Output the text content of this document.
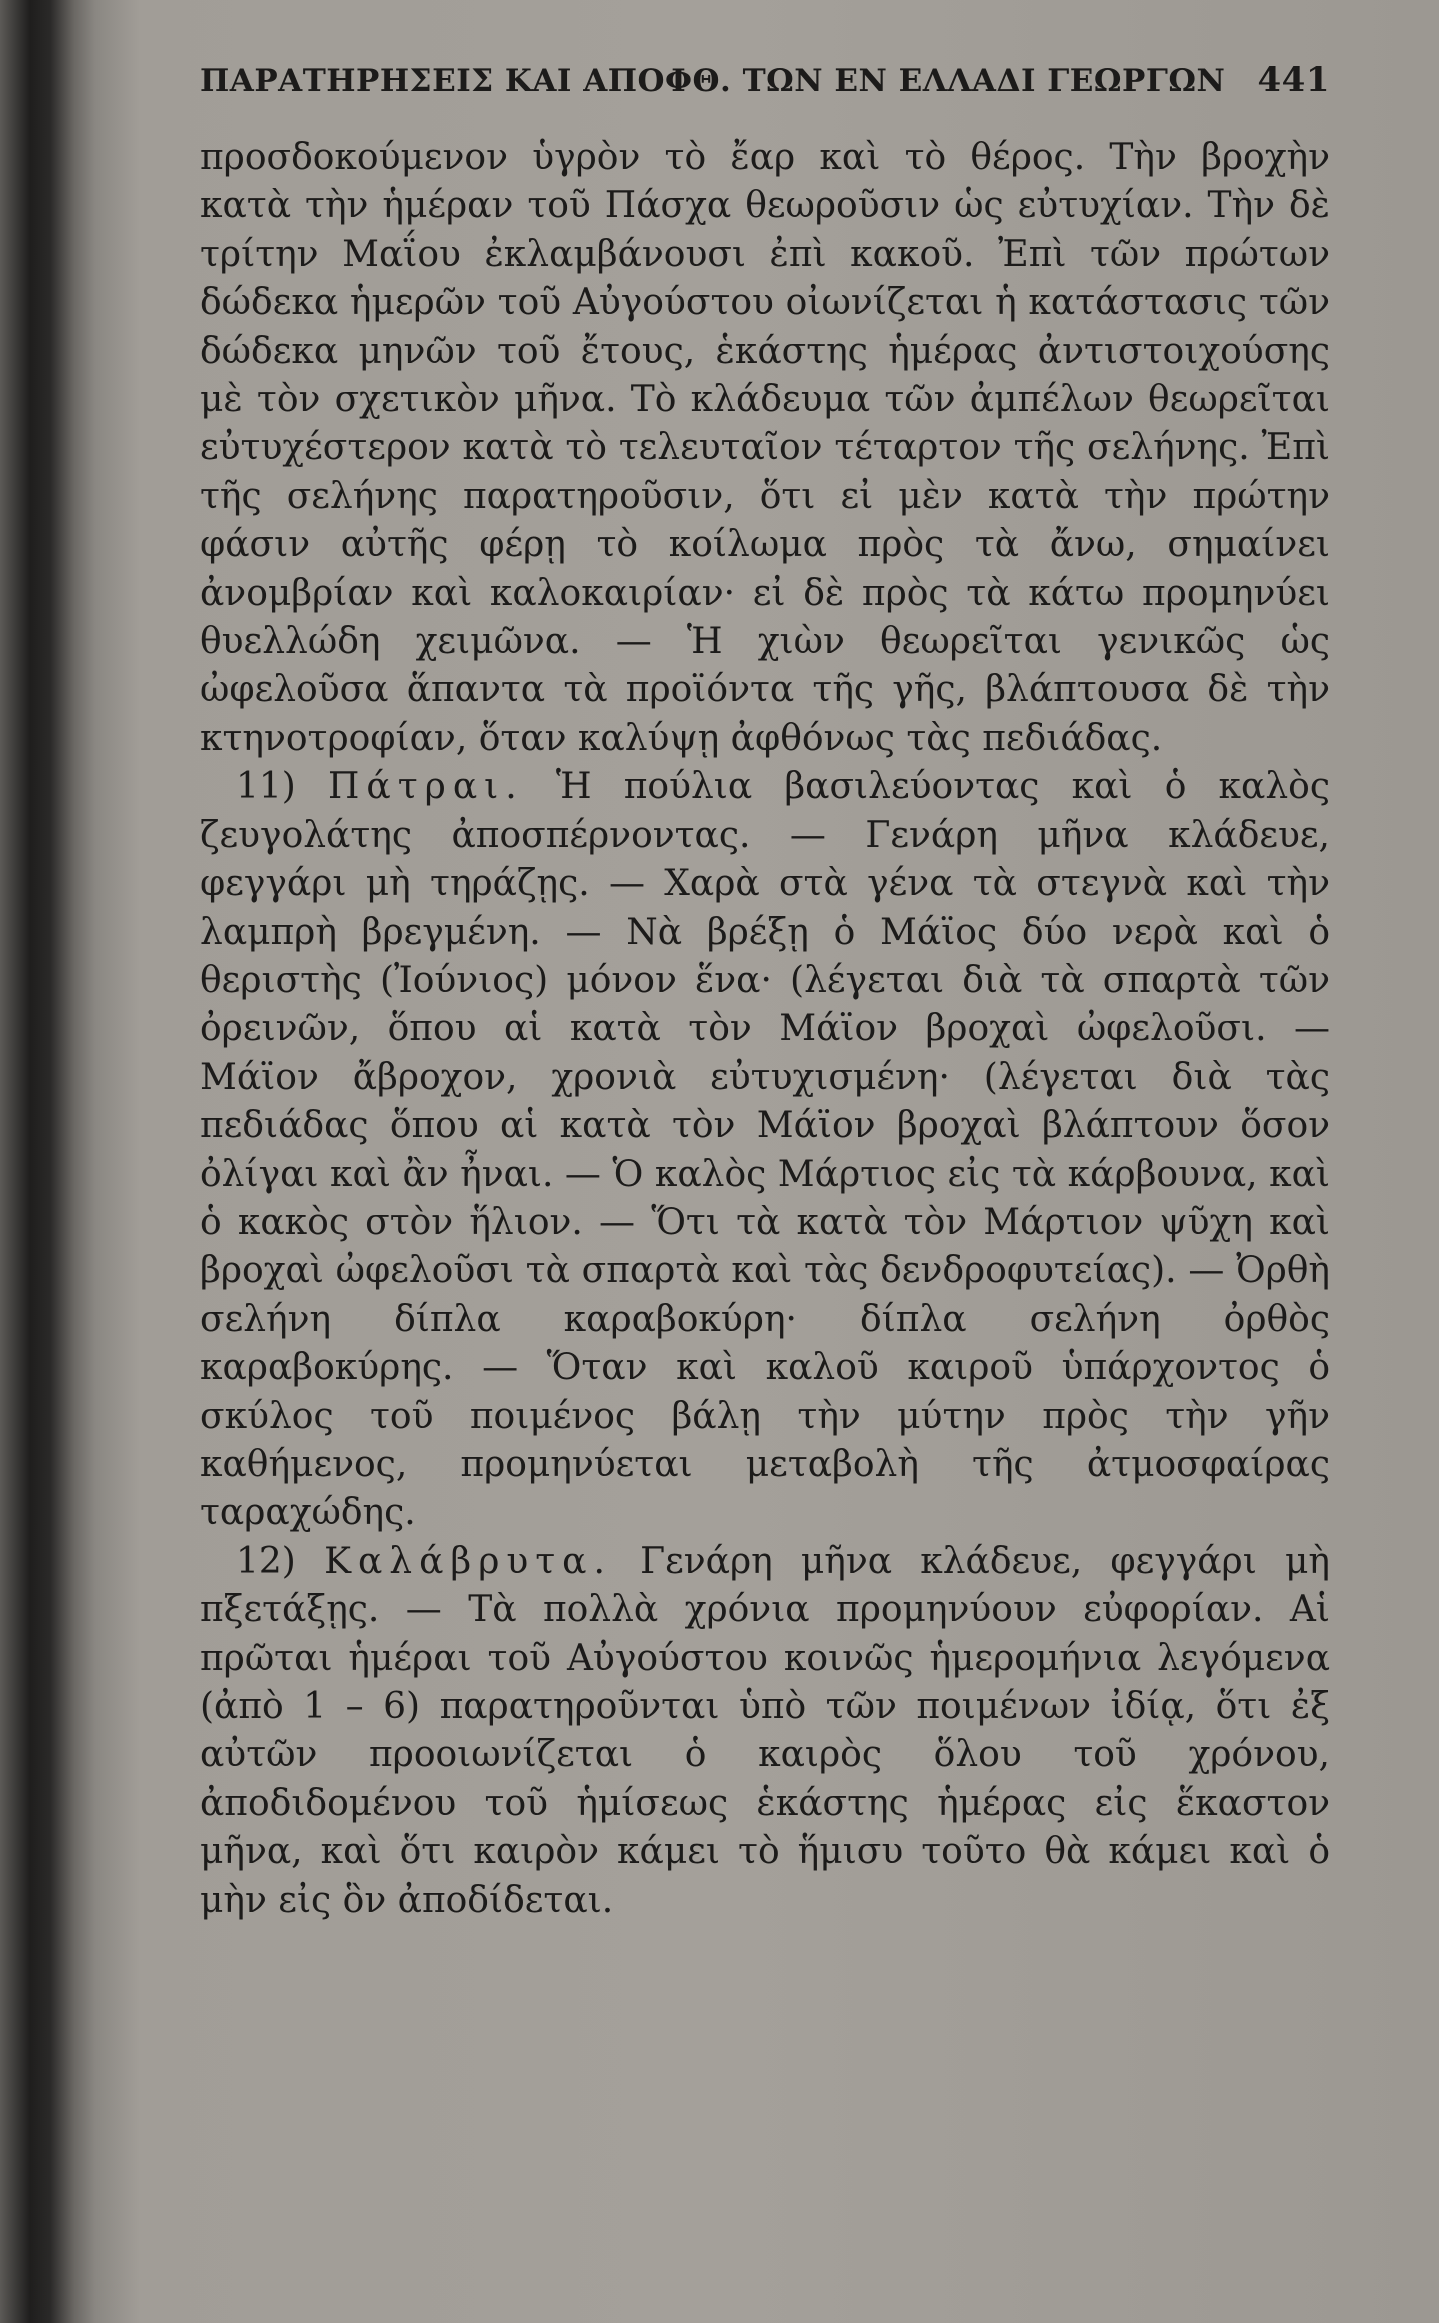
ΠΑΡΑΤΗΡΗΣΕΙΣ ΚΑΙ ΑΠΟΦΘ. ΤΩΝ ΕΝ ΕΛΛΑΔΙ ΓΕΩΡΓΩΝ 441

προσδοκούμενον ὑγρὸν τὸ ἔαρ καὶ τὸ θέρος. Τὴν βροχὴν κατὰ τὴν ἡμέραν τοῦ Πάσχα θεωροῦσιν ὡς εὐτυχίαν. Τὴν δὲ τρίτην Μαΐου ἐκλαμβάνουσι ἐπὶ κακοῦ. Ἐπὶ τῶν πρώτων δώδεκα ἡμερῶν τοῦ Αὐγούστου οἰωνίζεται ἡ κατάστασις τῶν δώδεκα μηνῶν τοῦ ἔτους, ἑκάστης ἡμέρας ἀντιστοιχούσης μὲ τὸν σχετικὸν μῆνα. Τὸ κλάδευμα τῶν ἀμπέλων θεωρεῖται εὐτυχέστερον κατὰ τὸ τελευταῖον τέταρτον τῆς σελήνης. Ἐπὶ τῆς σελήνης παρατηροῦσιν, ὅτι εἰ μὲν κατὰ τὴν πρώτην φάσιν αὐτῆς φέρῃ τὸ κοίλωμα πρὸς τὰ ἄνω, σημαίνει ἀνομβρίαν καὶ καλοκαιρίαν· εἰ δὲ πρὸς τὰ κάτω προμηνύει θυελλώδη χειμῶνα. — Ἡ χιὼν θεωρεῖται γενικῶς ὡς ὠφελοῦσα ἅπαντα τὰ προϊόντα τῆς γῆς, βλάπτουσα δὲ τὴν κτηνοτροφίαν, ὅταν καλύψῃ ἀφθόνως τὰς πεδιάδας.

11) Πάτραι. Ἡ πούλια βασιλεύοντας καὶ ὁ καλὸς ζευγολάτης ἀποσπέρνοντας. — Γενάρη μῆνα κλάδευε, φεγγάρι μὴ τηράζῃς. — Χαρὰ στὰ γένα τὰ στεγνὰ καὶ τὴν λαμπρὴ βρεγμένη. — Νὰ βρέξῃ ὁ Μάϊος δύο νερὰ καὶ ὁ θεριστὴς (Ἰούνιος) μόνον ἕνα· (λέγεται διὰ τὰ σπαρτὰ τῶν ὀρεινῶν, ὅπου αἱ κατὰ τὸν Μάϊον βροχαὶ ὠφελοῦσι. — Μάϊον ἄβροχον, χρονιὰ εὐτυχισμένη· (λέγεται διὰ τὰς πεδιάδας ὅπου αἱ κατὰ τὸν Μάϊον βροχαὶ βλάπτουν ὅσον ὀλίγαι καὶ ἂν ἦναι. — Ὁ καλὸς Μάρτιος εἰς τὰ κάρβουνα, καὶ ὁ κακὸς στὸν ἥλιον. — Ὅτι τὰ κατὰ τὸν Μάρτιον ψῦχη καὶ βροχαὶ ὠφελοῦσι τὰ σπαρτὰ καὶ τὰς δενδροφυτείας). — Ὀρθὴ σελήνη δίπλα καραβοκύρη· δίπλα σελήνη ὀρθὸς καραβοκύρης. — Ὅταν καὶ καλοῦ καιροῦ ὑπάρχοντος ὁ σκύλος τοῦ ποιμένος βάλῃ τὴν μύτην πρὸς τὴν γῆν καθήμενος, προμηνύεται μεταβολὴ τῆς ἀτμοσφαίρας ταραχώδης.

12) Καλάβρυτα. Γενάρη μῆνα κλάδευε, φεγγάρι μὴ πξετάξῃς. — Τὰ πολλὰ χρόνια προμηνύουν εὐφορίαν. Αἱ πρῶται ἡμέραι τοῦ Αὐγούστου κοινῶς ἡμερομήνια λεγόμενα (ἀπὸ 1 – 6) παρατηροῦνται ὑπὸ τῶν ποιμένων ἰδίᾳ, ὅτι ἐξ αὐτῶν προοιωνίζεται ὁ καιρὸς ὅλου τοῦ χρόνου, ἀποδιδομένου τοῦ ἡμίσεως ἑκάστης ἡμέρας εἰς ἕκαστον μῆνα, καὶ ὅτι καιρὸν κάμει τὸ ἥμισυ τοῦτο θὰ κάμει καὶ ὁ μὴν εἰς ὃν ἀποδίδεται.
